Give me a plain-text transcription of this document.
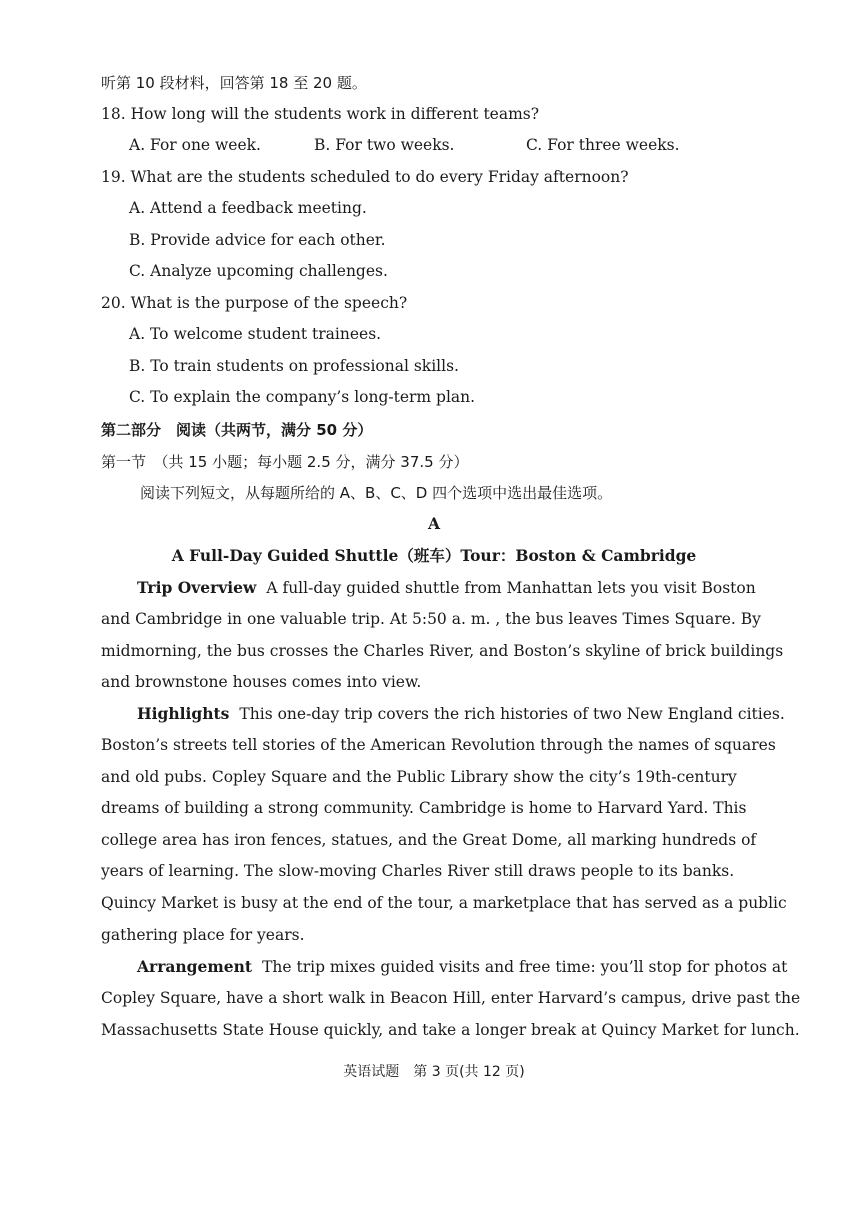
听第 10 段材料，回答第 18 至 20 题。
18. How long will the students work in different teams?
A. For one week.	B. For two weeks.	C. For three weeks.
19. What are the students scheduled to do every Friday afternoon?
A. Attend a feedback meeting.
B. Provide advice for each other.
C. Analyze upcoming challenges.
20. What is the purpose of the speech?
A. To welcome student trainees.
B. To train students on professional skills.
C. To explain the company’s long-term plan.
第二部分　阅读（共两节，满分 50 分）
第一节　（共 15 小题；每小题 2.5 分，满分 37.5 分）
阅读下列短文，从每题所给的 A、B、C、D 四个选项中选出最佳选项。
A
A Full-Day Guided Shuttle（班车）Tour：Boston & Cambridge
Trip Overview A full-day guided shuttle from Manhattan lets you visit Boston
and Cambridge in one valuable trip. At 5:50 a. m. , the bus leaves Times Square. By
midmorning, the bus crosses the Charles River, and Boston’s skyline of brick buildings
and brownstone houses comes into view.
Highlights This one-day trip covers the rich histories of two New England cities.
Boston’s streets tell stories of the American Revolution through the names of squares
and old pubs. Copley Square and the Public Library show the city’s 19th-century
dreams of building a strong community. Cambridge is home to Harvard Yard. This
college area has iron fences, statues, and the Great Dome, all marking hundreds of
years of learning. The slow-moving Charles River still draws people to its banks.
Quincy Market is busy at the end of the tour, a marketplace that has served as a public
gathering place for years.
Arrangement The trip mixes guided visits and free time: you’ll stop for photos at
Copley Square, have a short walk in Beacon Hill, enter Harvard’s campus, drive past the
Massachusetts State House quickly, and take a longer break at Quincy Market for lunch.
英语试题　第 3 页(共 12 页)
